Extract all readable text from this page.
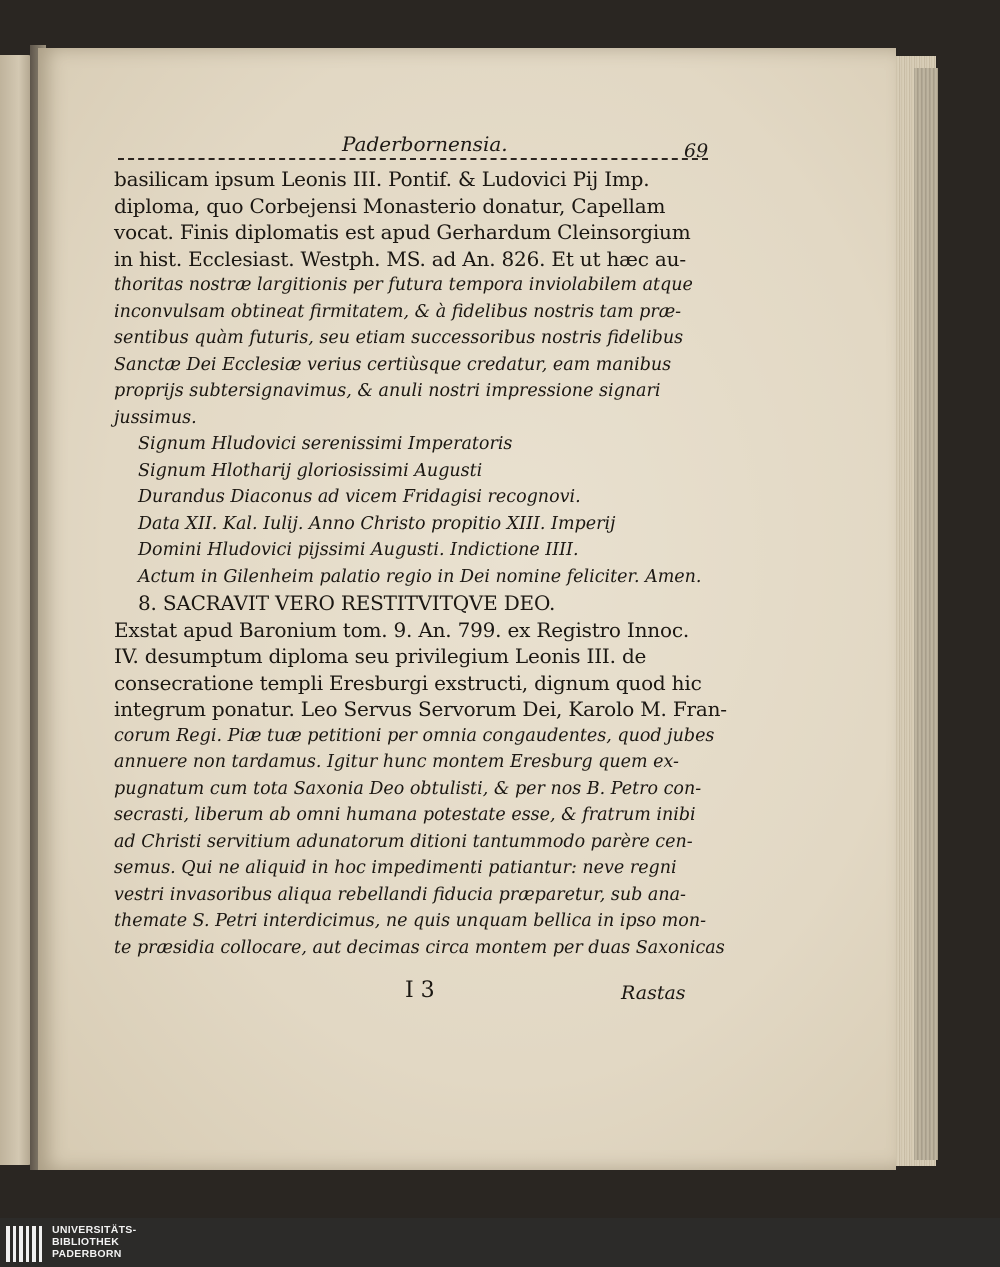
Paderbornensia.	69
basilicam ipsum Leonis III. Pontif. & Ludovici Pij Imp.
diploma, quo Corbejensi Monasterio donatur, Capellam
vocat. Finis diplomatis est apud Gerhardum Cleinsorgium
in hist. Ecclesiast. Westph. MS. ad An. 826. Et ut hæc au-
thoritas nostræ largitionis per futura tempora inviolabilem atque
inconvulsam obtineat firmitatem, & à fidelibus nostris tam præ-
sentibus quàm futuris, seu etiam successoribus nostris fidelibus
Sanctæ Dei Ecclesiæ verius certiùsque credatur, eam manibus
proprijs subtersignavimus, & anuli nostri impressione signari
jussimus.
Signum Hludovici serenissimi Imperatoris
Signum Hlotharij gloriosissimi Augusti
Durandus Diaconus ad vicem Fridagisi recognovi.
Data XII. Kal. Iulij. Anno Christo propitio XIII. Imperij
Domini Hludovici pijssimi Augusti. Indictione IIII.
Actum in Gilenheim palatio regio in Dei nomine feliciter. Amen.
8. SACRAVIT VERO RESTITVITQVE DEO.
Exstat apud Baronium tom. 9. An. 799. ex Registro Innoc.
IV. desumptum diploma seu privilegium Leonis III. de
consecratione templi Eresburgi exstructi, dignum quod hic
integrum ponatur. Leo Servus Servorum Dei, Karolo M. Fran-
corum Regi. Piæ tuæ petitioni per omnia congaudentes, quod jubes
annuere non tardamus. Igitur hunc montem Eresburg quem ex-
pugnatum cum tota Saxonia Deo obtulisti, & per nos B. Petro con-
secrasti, liberum ab omni humana potestate esse, & fratrum inibi
ad Christi servitium adunatorum ditioni tantummodo parère cen-
semus. Qui ne aliquid in hoc impedimenti patiantur: neve regni
vestri invasoribus aliqua rebellandi fiducia præparetur, sub ana-
themate S. Petri interdicimus, ne quis unquam bellica in ipso mon-
te præsidia collocare, aut decimas circa montem per duas Saxonicas
I 3	Rastas
UNIVERSITÄTS-
BIBLIOTHEK
PADERBORN
